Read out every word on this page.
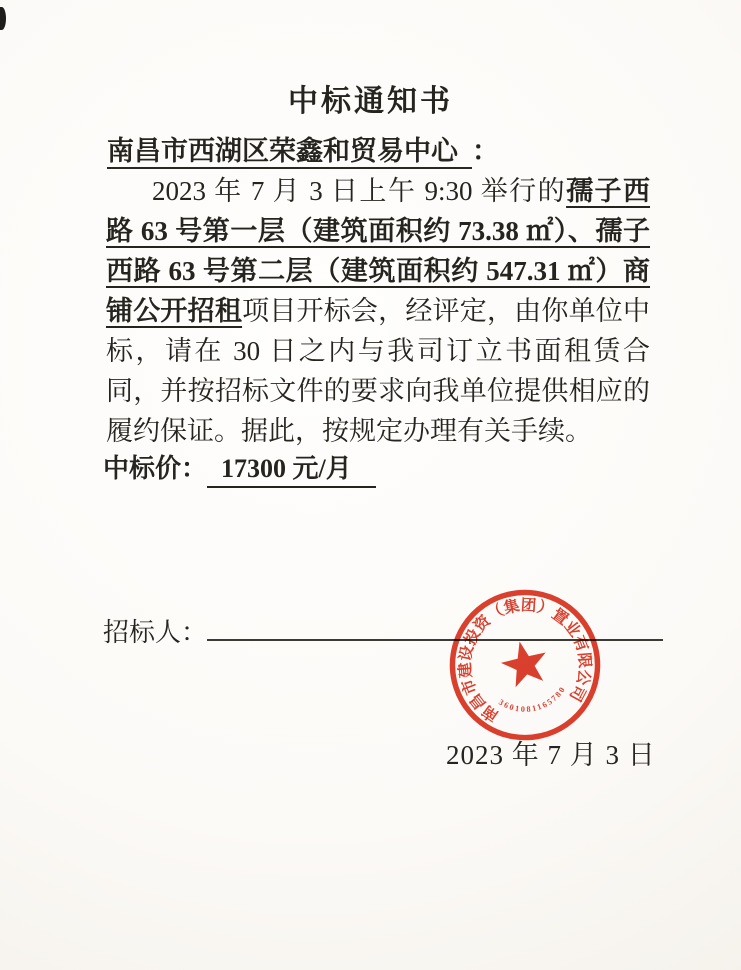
中标通知书
南昌市西湖区荣鑫和贸易中心 ：

2023 年 7 月 3 日上午 9:30 举行的孺子西路 63 号第一层（建筑面积约 73.38 ㎡）、孺子西路 63 号第二层（建筑面积约 547.31 ㎡）商铺公开招租项目开标会，经评定，由你单位中标，请在 30 日之内与我司订立书面租赁合同，并按招标文件的要求向我单位提供相应的履约保证。据此，按规定办理有关手续。

中标价： 17300 元/月
招标人：
南昌市建设投资（集团）置业有限公司
3601081165780
2023 年 7 月 3 日
